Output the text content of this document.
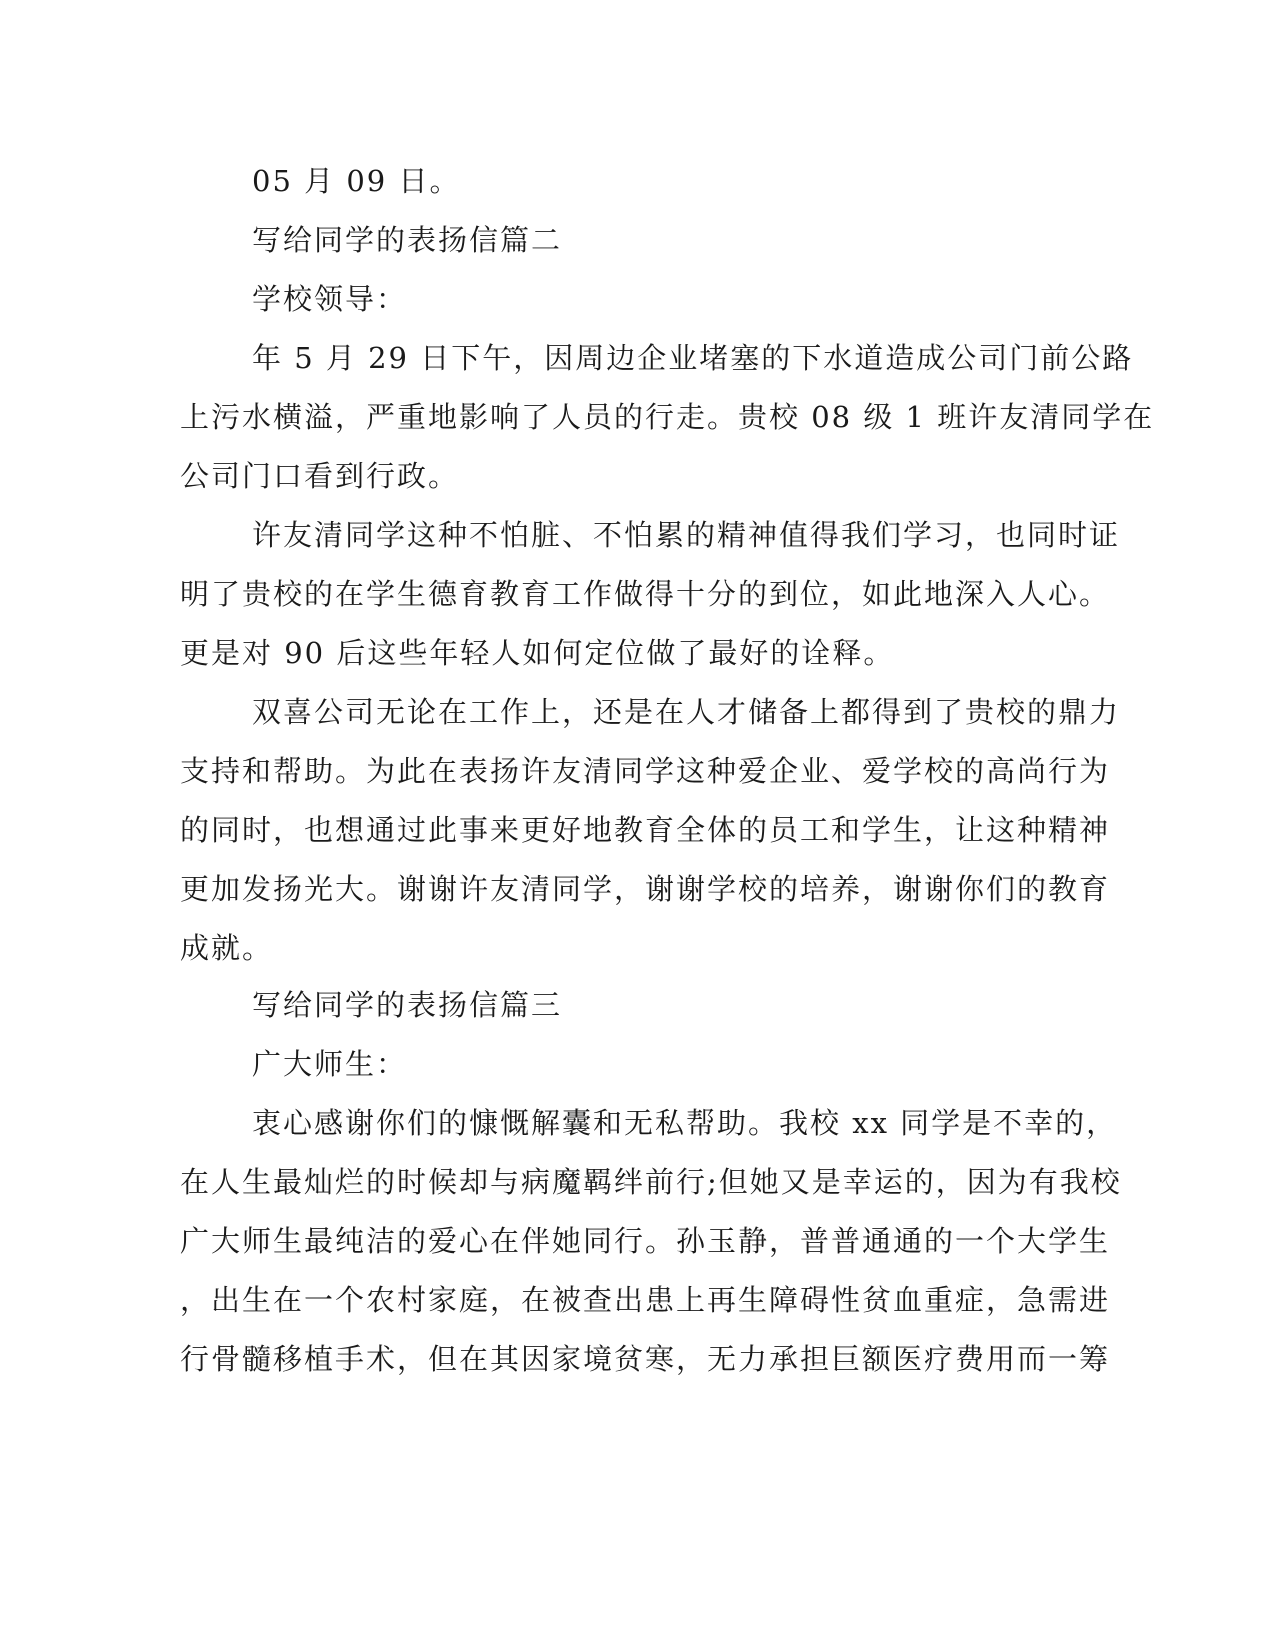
05 月 09 日。
写给同学的表扬信篇二
学校领导：
年 5 月 29 日下午，因周边企业堵塞的下水道造成公司门前公路
上污水横溢，严重地影响了人员的行走。贵校 08 级 1 班许友清同学在
公司门口看到行政。
许友清同学这种不怕脏、不怕累的精神值得我们学习，也同时证
明了贵校的在学生德育教育工作做得十分的到位，如此地深入人心。
更是对 90 后这些年轻人如何定位做了最好的诠释。
双喜公司无论在工作上，还是在人才储备上都得到了贵校的鼎力
支持和帮助。为此在表扬许友清同学这种爱企业、爱学校的高尚行为
的同时，也想通过此事来更好地教育全体的员工和学生，让这种精神
更加发扬光大。谢谢许友清同学，谢谢学校的培养，谢谢你们的教育
成就。
写给同学的表扬信篇三
广大师生：
衷心感谢你们的慷慨解囊和无私帮助。我校 xx 同学是不幸的，
在人生最灿烂的时候却与病魔羁绊前行;但她又是幸运的，因为有我校
广大师生最纯洁的爱心在伴她同行。孙玉静，普普通通的一个大学生
，出生在一个农村家庭，在被查出患上再生障碍性贫血重症，急需进
行骨髓移植手术，但在其因家境贫寒，无力承担巨额医疗费用而一筹
